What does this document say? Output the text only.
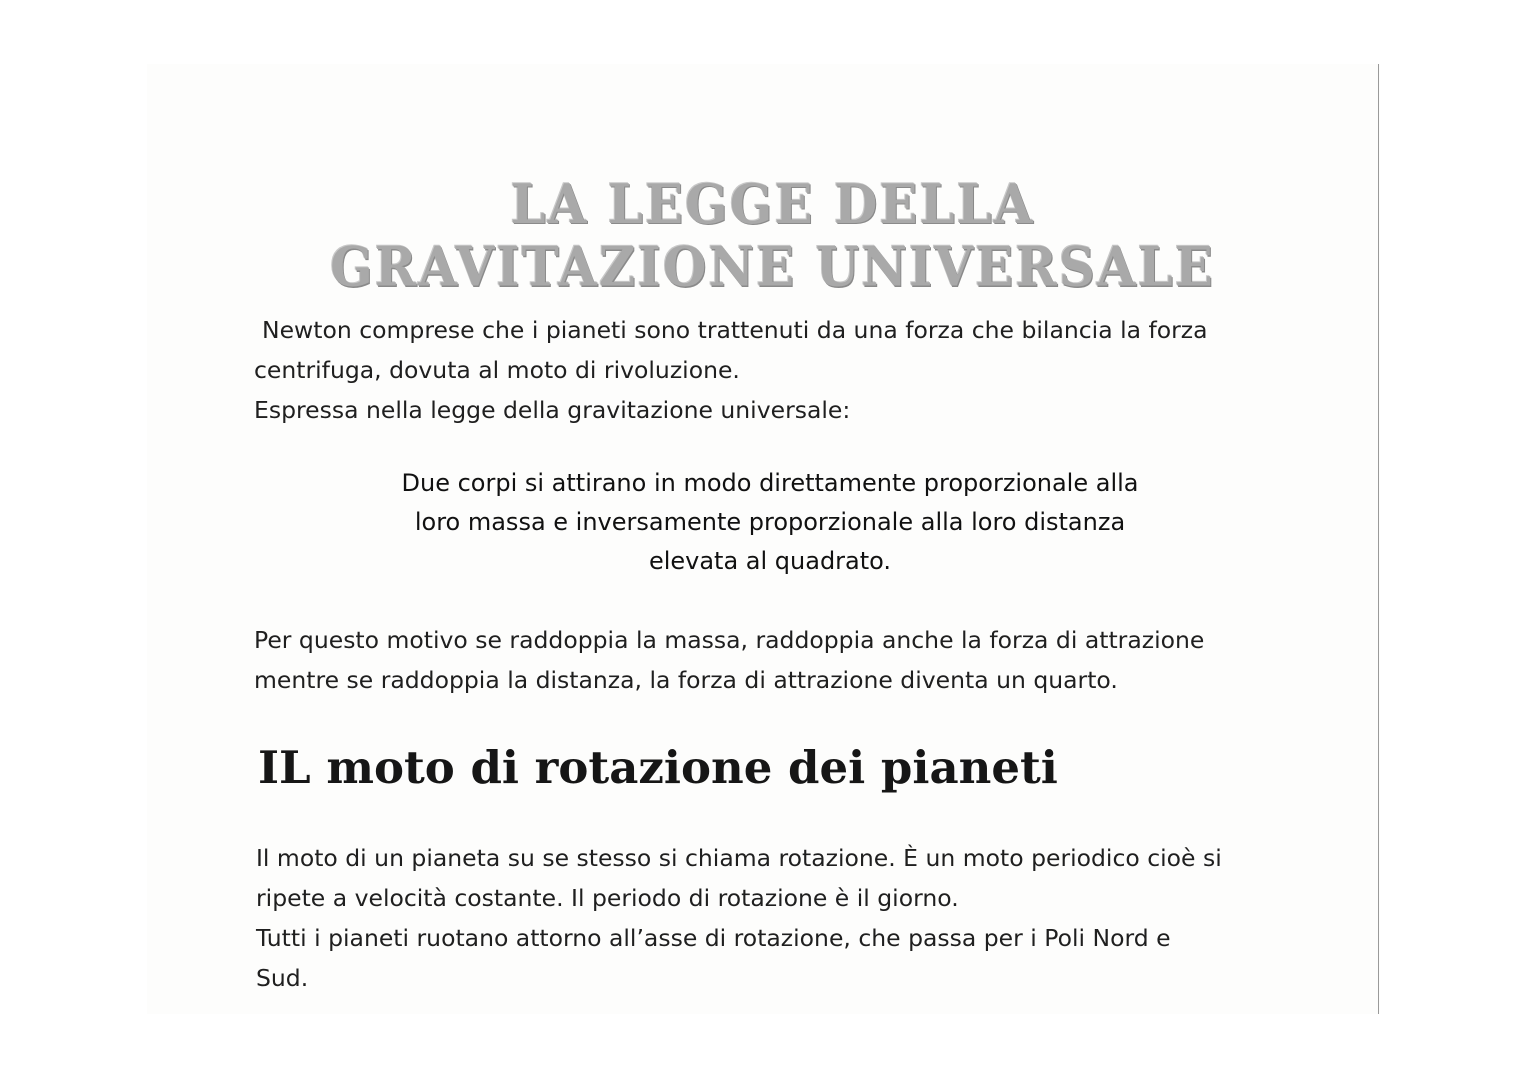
LA LEGGE DELLA
GRAVITAZIONE UNIVERSALE

Newton comprese che i pianeti sono trattenuti da una forza che bilancia la forza
centrifuga, dovuta al moto di rivoluzione.
Espressa nella legge della gravitazione universale:

Due corpi si attirano in modo direttamente proporzionale alla
loro massa e inversamente proporzionale alla loro distanza
elevata al quadrato.

Per questo motivo se raddoppia la massa, raddoppia anche la forza di attrazione
mentre se raddoppia la distanza, la forza di attrazione diventa un quarto.

IL moto di rotazione dei pianeti

Il moto di un pianeta su se stesso si chiama rotazione. È un moto periodico cioè si
ripete a velocità costante. Il periodo di rotazione è il giorno.
Tutti i pianeti ruotano attorno all’asse di rotazione, che passa per i Poli Nord e
Sud.
